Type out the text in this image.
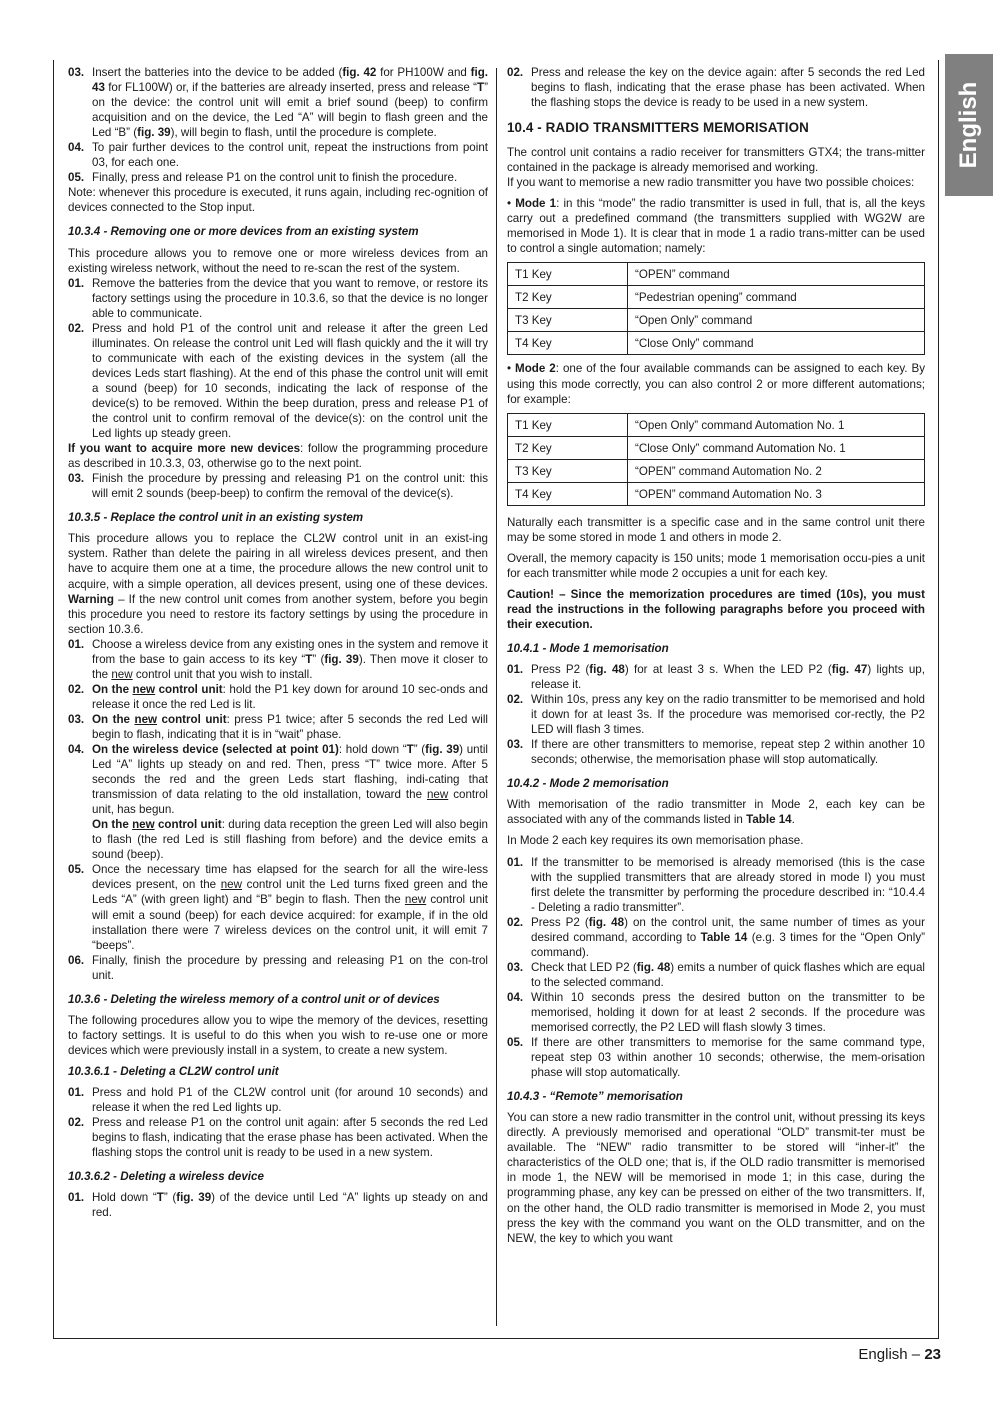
English
03. Insert the batteries into the device to be added (fig. 42 for PH100W and fig. 43 for FL100W) or, if the batteries are already inserted, press and release “T” on the device: the control unit will emit a brief sound (beep) to confirm acquisition and on the device, the Led “A” will begin to flash green and the Led “B” (fig. 39), will begin to flash, until the procedure is complete.
04. To pair further devices to the control unit, repeat the instructions from point 03, for each one.
05. Finally, press and release P1 on the control unit to finish the procedure.

Note: whenever this procedure is executed, it runs again, including rec-ognition of devices connected to the Stop input.

10.3.4 - Removing one or more devices from an existing system

This procedure allows you to remove one or more wireless devices from an existing wireless network, without the need to re-scan the rest of the system.

01. Remove the batteries from the device that you want to remove, or restore its factory settings using the procedure in 10.3.6, so that the device is no longer able to communicate.
02. Press and hold P1 of the control unit and release it after the green Led illuminates. On release the control unit Led will flash quickly and the it will try to communicate with each of the existing devices in the system (all the devices Leds start flashing). At the end of this phase the control unit will emit a sound (beep) for 10 seconds, indicating the lack of response of the device(s) to be removed. Within the beep duration, press and release P1 of the control unit to confirm removal of the device(s): on the control unit the Led lights up steady green.

If you want to acquire more new devices: follow the programming procedure as described in 10.3.3, 03, otherwise go to the next point.

03. Finish the procedure by pressing and releasing P1 on the control unit: this will emit 2 sounds (beep-beep) to confirm the removal of the device(s).

10.3.5 - Replace the control unit in an existing system

This procedure allows you to replace the CL2W control unit in an exist-ing system. Rather than delete the pairing in all wireless devices present, and then have to acquire them one at a time, the procedure allows the new control unit to acquire, with a simple operation, all devices present, using one of these devices. Warning – If the new control unit comes from another system, before you begin this procedure you need to restore its factory settings by using the procedure in section 10.3.6.

01. Choose a wireless device from any existing ones in the system and remove it from the base to gain access to its key “T” (fig. 39). Then move it closer to the new control unit that you wish to install.
02. On the new control unit: hold the P1 key down for around 10 sec-onds and release it once the red Led is lit.
03. On the new control unit: press P1 twice; after 5 seconds the red Led will begin to flash, indicating that it is in “wait” phase.
04. On the wireless device (selected at point 01): hold down “T” (fig. 39) until Led “A” lights up steady on and red. Then, press “T” twice more. After 5 seconds the red and the green Leds start flashing, indi-cating that transmission of data relating to the old installation, toward the new control unit, has begun.
On the new control unit: during data reception the green Led will also begin to flash (the red Led is still flashing from before) and the device emits a sound (beep).
05. Once the necessary time has elapsed for the search for all the wire-less devices present, on the new control unit the Led turns fixed green and the Leds “A” (with green light) and “B” begin to flash. Then the new control unit will emit a sound (beep) for each device acquired: for example, if in the old installation there were 7 wireless devices on the control unit, it will emit 7 “beeps”.
06. Finally, finish the procedure by pressing and releasing P1 on the con-trol unit.

10.3.6 - Deleting the wireless memory of a control unit or of devices

The following procedures allow you to wipe the memory of the devices, resetting to factory settings. It is useful to do this when you wish to re-use one or more devices which were previously install in a system, to create a new system.

10.3.6.1 - Deleting a CL2W control unit

01. Press and hold P1 of the CL2W control unit (for around 10 seconds) and release it when the red Led lights up.
02. Press and release P1 on the control unit again: after 5 seconds the red Led begins to flash, indicating that the erase phase has been activated. When the flashing stops the control unit is ready to be used in a new system.

10.3.6.2 - Deleting a wireless device

01. Hold down “T” (fig. 39) of the device until Led “A” lights up steady on and red.
02. Press and release the key on the device again: after 5 seconds the red Led begins to flash, indicating that the erase phase has been activated. When the flashing stops the device is ready to be used in a new system.

10.4 - RADIO TRANSMITTERS MEMORISATION

The control unit contains a radio receiver for transmitters GTX4; the trans-mitter contained in the package is already memorised and working.

If you want to memorise a new radio transmitter you have two possible choices:

• Mode 1: in this “mode” the radio transmitter is used in full, that is, all the keys carry out a predefined command (the transmitters supplied with WG2W are memorised in Mode 1). It is clear that in mode 1 a radio trans-mitter can be used to control a single automation; namely:

T1 Key	“OPEN” command
T2 Key	“Pedestrian opening” command
T3 Key	“Open Only” command
T4 Key	“Close Only” command

• Mode 2: one of the four available commands can be assigned to each key. By using this mode correctly, you can also control 2 or more different automations; for example:

T1 Key	“Open Only” command Automation No. 1
T2 Key	“Close Only” command Automation No. 1
T3 Key	“OPEN” command Automation No. 2
T4 Key	“OPEN” command Automation No. 3

Naturally each transmitter is a specific case and in the same control unit there may be some stored in mode 1 and others in mode 2.

Overall, the memory capacity is 150 units; mode 1 memorisation occu-pies a unit for each transmitter while mode 2 occupies a unit for each key.

Caution! – Since the memorization procedures are timed (10s), you must read the instructions in the following paragraphs before you proceed with their execution.

10.4.1 - Mode 1 memorisation

01. Press P2 (fig. 48) for at least 3 s. When the LED P2 (fig. 47) lights up, release it.
02. Within 10s, press any key on the radio transmitter to be memorised and hold it down for at least 3s. If the procedure was memorised cor-rectly, the P2 LED will flash 3 times.
03. If there are other transmitters to memorise, repeat step 2 within another 10 seconds; otherwise, the memorisation phase will stop automatically.

10.4.2 - Mode 2 memorisation

With memorisation of the radio transmitter in Mode 2, each key can be associated with any of the commands listed in Table 14.

In Mode 2 each key requires its own memorisation phase.

01. If the transmitter to be memorised is already memorised (this is the case with the supplied transmitters that are already stored in mode I) you must first delete the transmitter by performing the procedure described in: “10.4.4 - Deleting a radio transmitter”.
02. Press P2 (fig. 48) on the control unit, the same number of times as your desired command, according to Table 14 (e.g. 3 times for the “Open Only” command).
03. Check that LED P2 (fig. 48) emits a number of quick flashes which are equal to the selected command.
04. Within 10 seconds press the desired button on the transmitter to be memorised, holding it down for at least 2 seconds. If the procedure was memorised correctly, the P2 LED will flash slowly 3 times.
05. If there are other transmitters to memorise for the same command type, repeat step 03 within another 10 seconds; otherwise, the mem-orisation phase will stop automatically.

10.4.3 - “Remote” memorisation

You can store a new radio transmitter in the control unit, without pressing its keys directly. A previously memorised and operational “OLD” transmit-ter must be available. The “NEW” radio transmitter to be stored will “inher-it” the characteristics of the OLD one; that is, if the OLD radio transmitter is memorised in mode 1, the NEW will be memorised in mode 1; in this case, during the programming phase, any key can be pressed on either of the two transmitters. If, on the other hand, the OLD radio transmitter is memorised in Mode 2, you must press the key with the command you want on the OLD transmitter, and on the NEW, the key to which you want

English – 23
